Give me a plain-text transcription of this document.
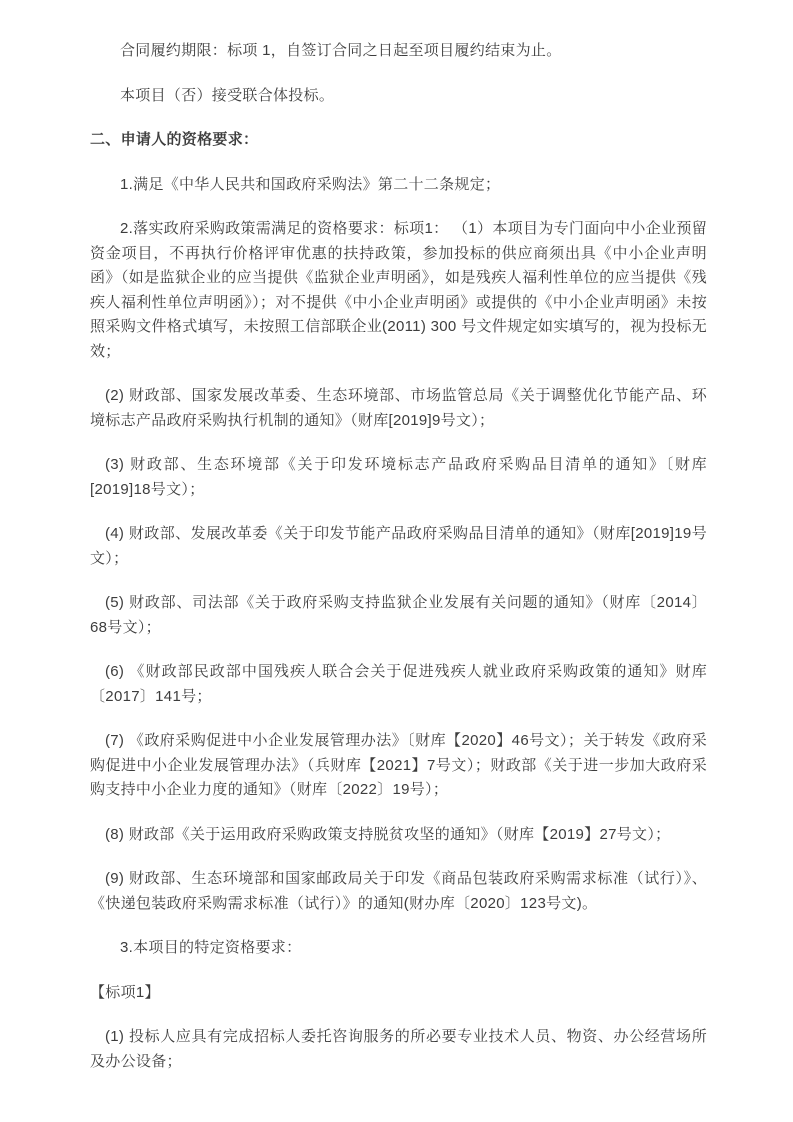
合同履约期限：标项 1，自签订合同之日起至项目履约结束为止。

本项目（否）接受联合体投标。

二、申请人的资格要求：

1.满足《中华人民共和国政府采购法》第二十二条规定；

2.落实政府采购政策需满足的资格要求：标项1： （1）本项目为专门面向中小企业预留资金项目，不再执行价格评审优惠的扶持政策，参加投标的供应商须出具《中小企业声明函》（如是监狱企业的应当提供《监狱企业声明函》，如是残疾人福利性单位的应当提供《残疾人福利性单位声明函》）；对不提供《中小企业声明函》或提供的《中小企业声明函》未按照采购文件格式填写，未按照工信部联企业(2011) 300 号文件规定如实填写的，视为投标无效；

(2) 财政部、国家发展改革委、生态环境部、市场监管总局《关于调整优化节能产品、环境标志产品政府采购执行机制的通知》（财库[2019]9号文）；

(3) 财政部、生态环境部《关于印发环境标志产品政府采购品目清单的通知》〔财库[2019]18号文）；

(4) 财政部、发展改革委《关于印发节能产品政府采购品目清单的通知》（财库[2019]19号文）；

(5) 财政部、司法部《关于政府采购支持监狱企业发展有关问题的通知》（财库〔2014〕68号文）；

(6) 《财政部民政部中国残疾人联合会关于促进残疾人就业政府采购政策的通知》财库〔2017〕141号；

(7) 《政府采购促进中小企业发展管理办法》〔财库【2020】46号文）；关于转发《政府采购促进中小企业发展管理办法》（兵财库【2021】7号文）；财政部《关于进一步加大政府采购支持中小企业力度的通知》（财库〔2022〕19号）；

(8) 财政部《关于运用政府采购政策支持脱贫攻坚的通知》（财库【2019】27号文）；

(9) 财政部、生态环境部和国家邮政局关于印发《商品包装政府采购需求标准（试行）》、《快递包装政府采购需求标准（试行）》的通知(财办库〔2020〕123号文)。

3.本项目的特定资格要求：

【标项1】

(1) 投标人应具有完成招标人委托咨询服务的所必要专业技术人员、物资、办公经营场所及办公设备；
